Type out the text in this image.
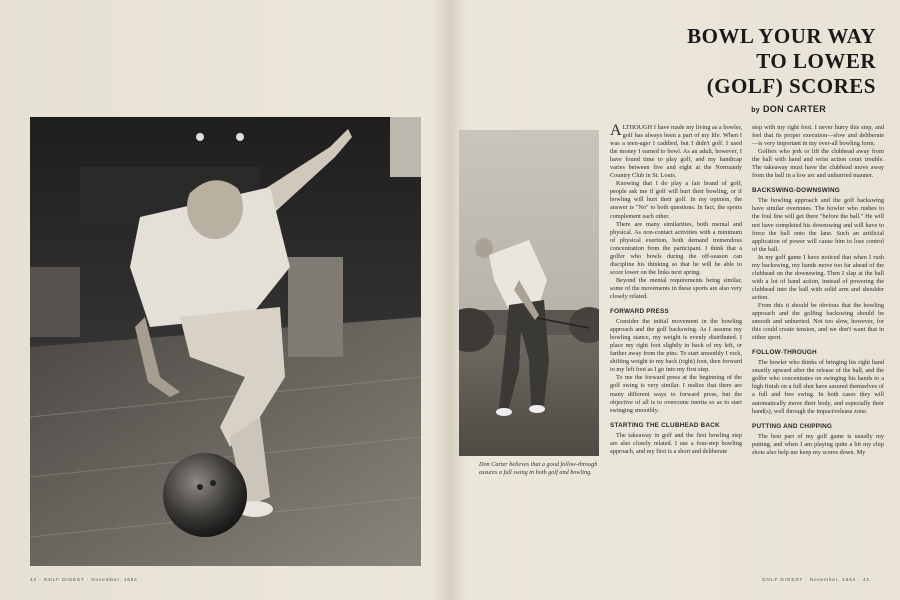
Don Carter believes that a good follow-through assures a full swing in both golf and bowling.
BOWL YOUR WAY
TO LOWER
(GOLF) SCORES
by DON CARTER

ALTHOUGH I have made my living as a bowler, golf has always been a part of my life. When I was a teen-ager I caddied, but I didn't golf. I used the money I earned to bowl. As an adult, however, I have found time to play golf, and my handicap varies between five and eight at the Normandy Country Club in St. Louis.

Knowing that I do play a fair brand of golf, people ask me if golf will hurt their bowling, or if bowling will hurt their golf. In my opinion, the answer is "No" to both questions. In fact, the sports complement each other.

There are many similarities, both mental and physical. As non-contact activities with a minimum of physical exertion, both demand tremendous concentration from the participant. I think that a golfer who bowls during the off-season can discipline his thinking so that he will be able to score lower on the links next spring.

Beyond the mental requirements being similar, some of the movements in these sports are also very closely related.

FORWARD PRESS

Consider the initial movement in the bowling approach and the golf backswing. As I assume my bowling stance, my weight is evenly distributed. I place my right foot slightly in back of my left, or farther away from the pins. To start smoothly I rock, shifting weight to my back (right) foot, then forward to my left foot as I go into my first step.

To me the forward press at the beginning of the golf swing is very similar. I realize that there are many different ways to forward press, but the objective of all is to overcome inertia so as to start swinging smoothly.

STARTING THE CLUBHEAD BACK

The takeaway in golf and the first bowling step are also closely related. I use a four-step bowling approach, and my first is a short and deliberate

step with my right foot. I never hurry this step, and feel that its proper execution—slow and deliberate—is very important in my over-all bowling form.

Golfers who jerk or lift the clubhead away from the ball with hand and wrist action court trouble. The takeaway must have the clubhead move away from the ball in a low arc and unhurried manner.

BACKSWING-DOWNSWING

The bowling approach and the golf backswing have similar overtones. The bowler who rushes to the foul line will get there "before the ball." He will not have completed his downswing and will have to force the ball onto the lane. Such an artificial application of power will cause him to lose control of the ball.

In my golf game I have noticed that when I rush my backswing, my hands move too far ahead of the clubhead on the downswing. Then I slap at the ball with a lot of hand action, instead of powering the clubhead into the ball with solid arm and shoulder action.

From this it should be obvious that the bowling approach and the golfing backswing should be smooth and unhurried. Not too slow, however, for this could create tension, and we don't want that in either sport.

FOLLOW-THROUGH

The bowler who thinks of bringing his right hand smartly upward after the release of the ball, and the golfer who concentrates on swinging his hands to a high finish on a full shot have assured themselves of a full and free swing. In both cases they will automatically move their body, and especially their hand(s), well through the impact/release zone.

PUTTING AND CHIPPING

The best part of my golf game is usually my putting, and when I am playing quite a bit my chip shots also help me keep my scores down. My

42 · GOLF DIGEST · November, 1964	GOLF DIGEST · November, 1964 · 43
